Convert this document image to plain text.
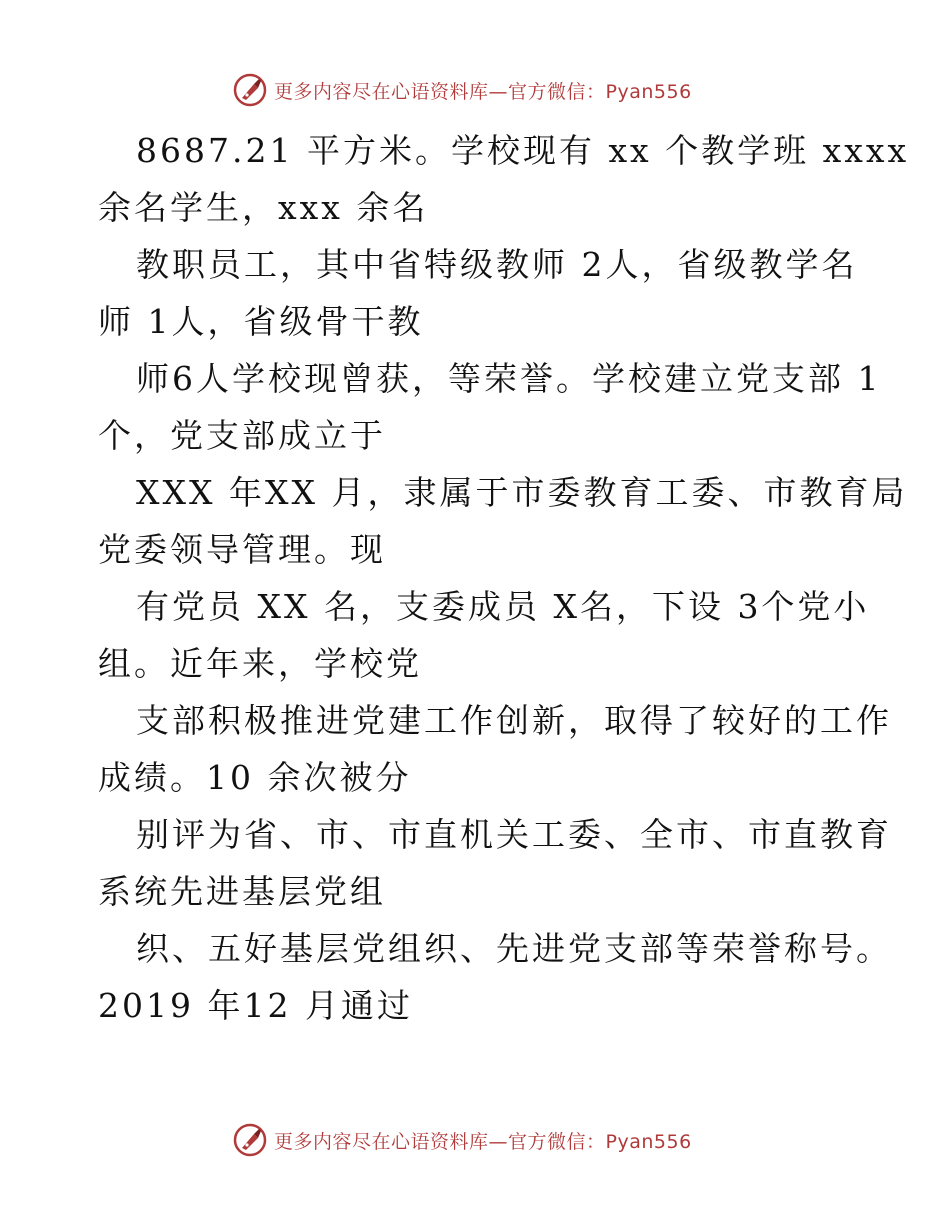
更多内容尽在心语资料库—官方微信：Pyan556
8687.21 平方米。学校现有 xx 个教学班 xxxx
余名学生，xxx 余名
教职员工，其中省特级教师 2人，省级教学名
师 1人，省级骨干教
师6人学校现曾获，等荣誉。学校建立党支部 1
个，党支部成立于
XXX 年XX 月，隶属于市委教育工委、市教育局
党委领导管理。现
有党员 XX 名，支委成员 X名，下设 3个党小
组。近年来，学校党
支部积极推进党建工作创新，取得了较好的工作
成绩。10 余次被分
别评为省、市、市直机关工委、全市、市直教育
系统先进基层党组
织、五好基层党组织、先进党支部等荣誉称号。
2019 年12 月通过
更多内容尽在心语资料库—官方微信：Pyan556
